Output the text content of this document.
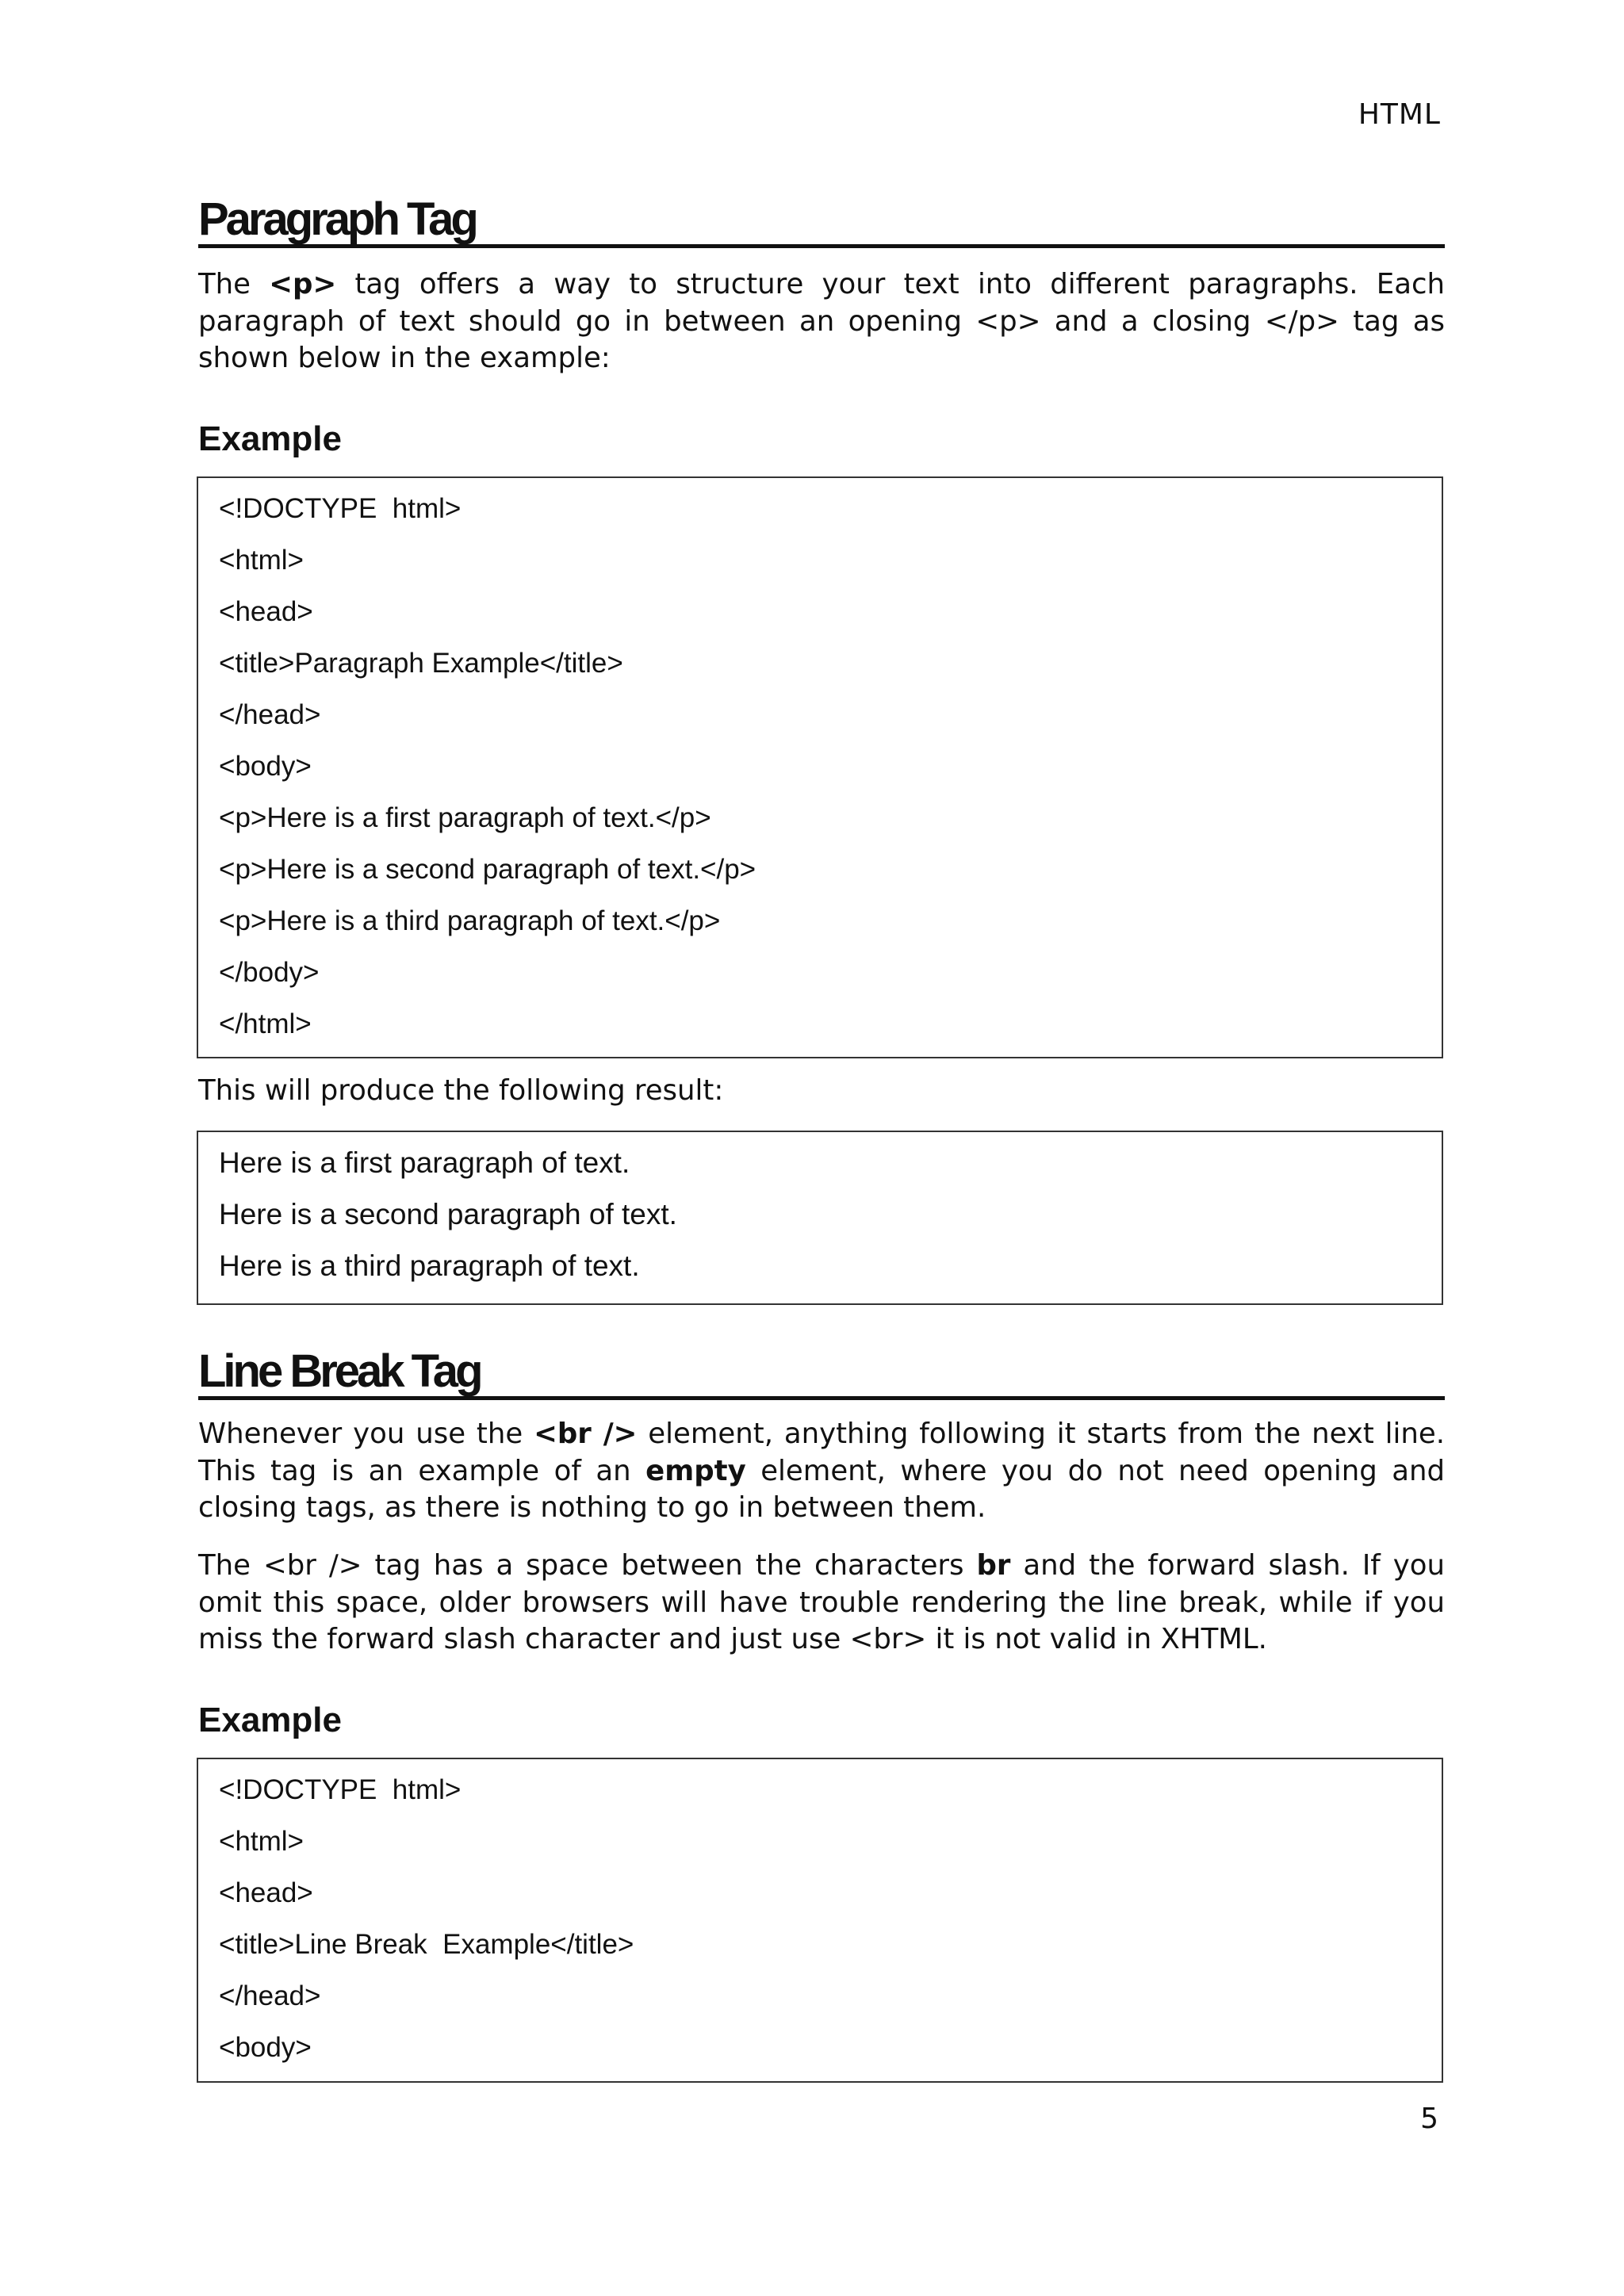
HTML
Paragraph Tag

The <p> tag offers a way to structure your text into different paragraphs. Each paragraph of text should go in between an opening <p> and a closing </p> tag as shown below in the example:

Example
<!DOCTYPE  html>
<html>
<head>
<title>Paragraph Example</title>
</head>
<body>
<p>Here is a first paragraph of text.</p>
<p>Here is a second paragraph of text.</p>
<p>Here is a third paragraph of text.</p>
</body>
</html>

This will produce the following result:

Here is a first paragraph of text.
Here is a second paragraph of text.
Here is a third paragraph of text.
Line Break Tag

Whenever you use the <br /> element, anything following it starts from the next line. This tag is an example of an empty element, where you do not need opening and closing tags, as there is nothing to go in between them.

The <br /> tag has a space between the characters br and the forward slash. If you omit this space, older browsers will have trouble rendering the line break, while if you miss the forward slash character and just use <br> it is not valid in XHTML.

Example
<!DOCTYPE  html>
<html>
<head>
<title>Line Break  Example</title>
</head>
<body>
5
